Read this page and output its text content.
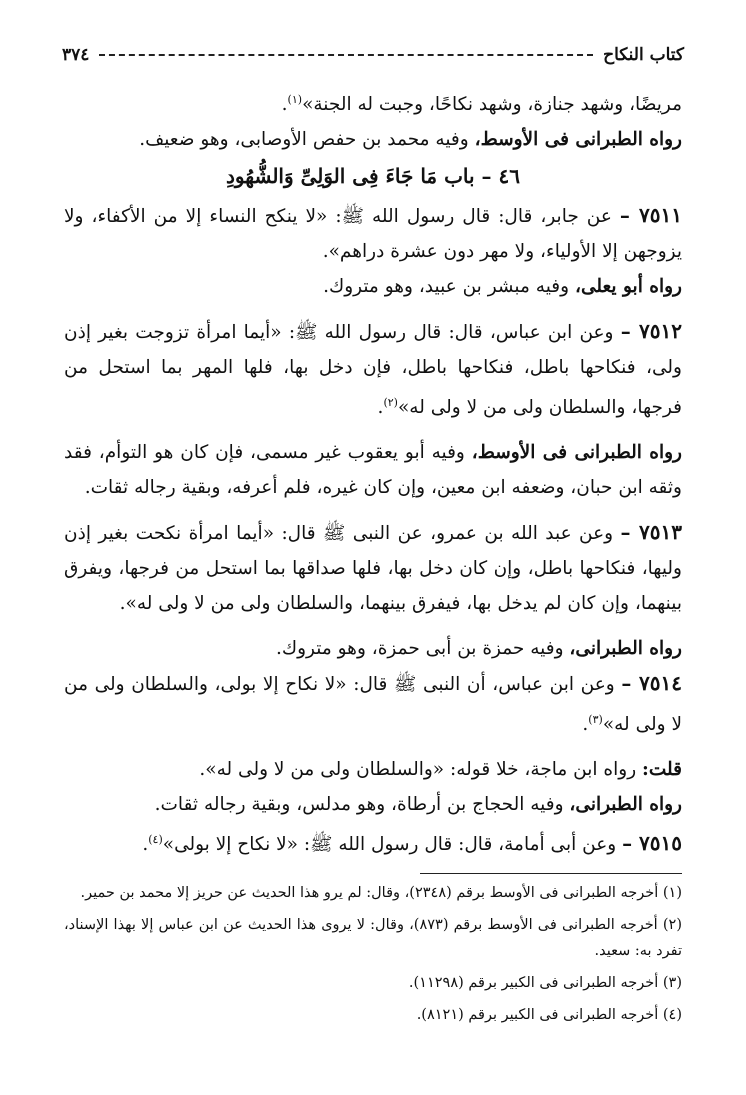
٣٧٤	كتاب النكاح

مريضًا، وشهد جنازة، وشهد نكاحًا، وجبت له الجنة»$^{(١)}$.

رواه الطبرانى فى الأوسط، وفيه محمد بن حفص الأوصابى، وهو ضعيف.

٤٦ – باب مَا جَاءَ فِى الوَلِىِّ وَالشُّهُودِ

٧٥١١ – عن جابر، قال: قال رسول الله ﷺ: «لا ينكح النساء إلا من الأكفاء، ولا يزوجهن إلا الأولياء، ولا مهر دون عشرة دراهم».

رواه أبو يعلى، وفيه مبشر بن عبيد، وهو متروك.

٧٥١٢ – وعن ابن عباس، قال: قال رسول الله ﷺ: «أيما امرأة تزوجت بغير إذن ولى، فنكاحها باطل، فنكاحها باطل، فإن دخل بها، فلها المهر بما استحل من فرجها، والسلطان ولى من لا ولى له»$^{(٢)}$.

رواه الطبرانى فى الأوسط، وفيه أبو يعقوب غير مسمى، فإن كان هو التوأم، فقد وثقه ابن حبان، وضعفه ابن معين، وإن كان غيره، فلم أعرفه، وبقية رجاله ثقات.

٧٥١٣ – وعن عبد الله بن عمرو، عن النبى ﷺ قال: «أيما امرأة نكحت بغير إذن وليها، فنكاحها باطل، وإن كان دخل بها، فلها صداقها بما استحل من فرجها، ويفرق بينهما، وإن كان لم يدخل بها، فيفرق بينهما، والسلطان ولى من لا ولى له».

رواه الطبرانى، وفيه حمزة بن أبى حمزة، وهو متروك.

٧٥١٤ – وعن ابن عباس، أن النبى ﷺ قال: «لا نكاح إلا بولى، والسلطان ولى من لا ولى له»$^{(٣)}$.

قلت: رواه ابن ماجة، خلا قوله: «والسلطان ولى من لا ولى له».

رواه الطبرانى، وفيه الحجاج بن أرطاة، وهو مدلس، وبقية رجاله ثقات.

٧٥١٥ – وعن أبى أمامة، قال: قال رسول الله ﷺ: «لا نكاح إلا بولى»$^{(٤)}$.

(١) أخرجه الطبرانى فى الأوسط برقم (٢٣٤٨)، وقال: لم يرو هذا الحديث عن حريز إلا محمد بن حمير.

(٢) أخرجه الطبرانى فى الأوسط برقم (٨٧٣)، وقال: لا يروى هذا الحديث عن ابن عباس إلا بهذا الإسناد، تفرد به: سعيد.

(٣) أخرجه الطبرانى فى الكبير برقم (١١٢٩٨).

(٤) أخرجه الطبرانى فى الكبير برقم (٨١٢١).
